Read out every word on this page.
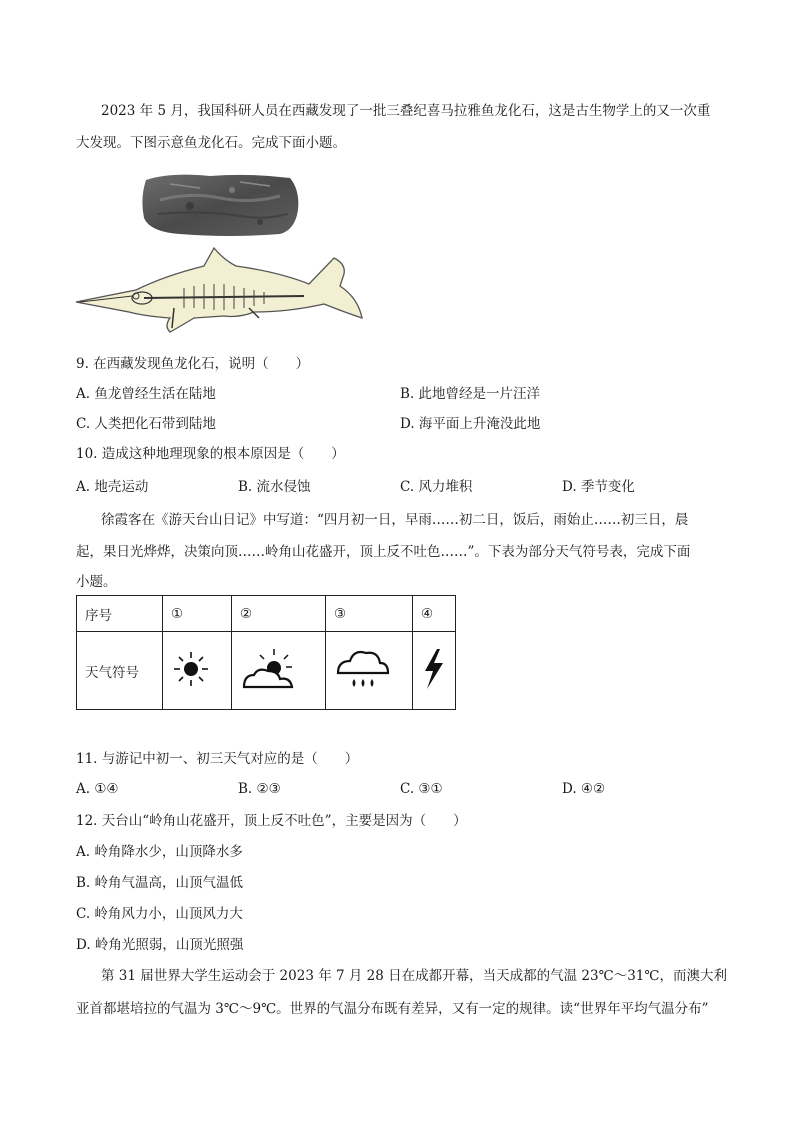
2023 年 5 月，我国科研人员在西藏发现了一批三叠纪喜马拉雅鱼龙化石，这是古生物学上的又一次重
大发现。下图示意鱼龙化石。完成下面小题。
9. 在西藏发现鱼龙化石，说明（　　）
A. 鱼龙曾经生活在陆地	B. 此地曾经是一片汪洋
C. 人类把化石带到陆地	D. 海平面上升淹没此地
10. 造成这种地理现象的根本原因是（　　）
A. 地壳运动	B. 流水侵蚀	C. 风力堆积	D. 季节变化
徐霞客在《游天台山日记》中写道：“四月初一日，早雨……初二日，饭后，雨始止……初三日，晨
起，果日光烨烨，决策向顶……岭角山花盛开，顶上反不吐色……”。下表为部分天气符号表，完成下面
小题。
序号	①	②	③	④
天气符号				
11. 与游记中初一、初三天气对应的是（　　）
A. ①④	B. ②③	C. ③①	D. ④②
12. 天台山“岭角山花盛开，顶上反不吐色”，主要是因为（　　）
A. 岭角降水少，山顶降水多
B. 岭角气温高，山顶气温低
C. 岭角风力小，山顶风力大
D. 岭角光照弱，山顶光照强
第 31 届世界大学生运动会于 2023 年 7 月 28 日在成都开幕，当天成都的气温 23℃～31℃，而澳大利
亚首都堪培拉的气温为 3℃～9℃。世界的气温分布既有差异，又有一定的规律。读“世界年平均气温分布”
